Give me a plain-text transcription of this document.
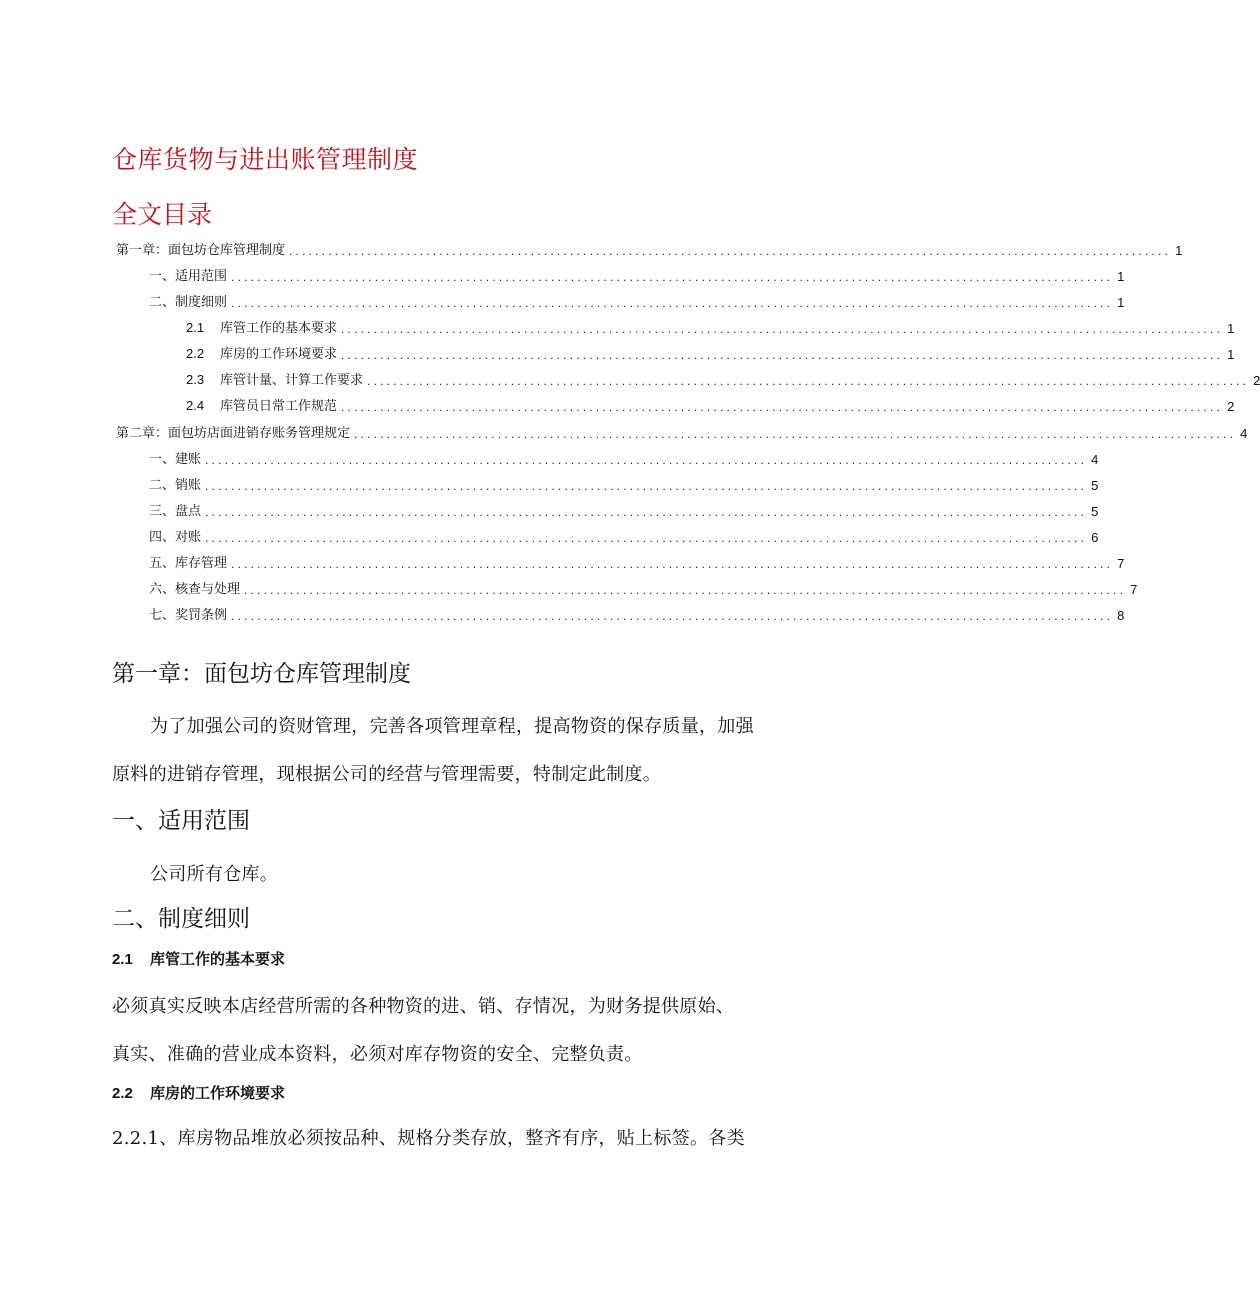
仓库货物与进出账管理制度
全文目录
第一章：面包坊仓库管理制度 ....................................................................................................................................... 1
一、适用范围 ....................................................................................................................................... 1
二、制度细则 ....................................................................................................................................... 1
2.1 库管工作的基本要求 ....................................................................................................................................... 1
2.2 库房的工作环境要求 ....................................................................................................................................... 1
2.3 库管计量、计算工作要求 ....................................................................................................................................... 2
2.4 库管员日常工作规范 ....................................................................................................................................... 2
第二章：面包坊店面进销存账务管理规定 ....................................................................................................................................... 4
一、建账 ....................................................................................................................................... 4
二、销账 ....................................................................................................................................... 5
三、盘点 ....................................................................................................................................... 5
四、对账 ....................................................................................................................................... 6
五、库存管理 ....................................................................................................................................... 7
六、核查与处理 ....................................................................................................................................... 7
七、奖罚条例 ....................................................................................................................................... 8
第一章：面包坊仓库管理制度
为了加强公司的资财管理，完善各项管理章程，提高物资的保存质量，加强
原料的进销存管理，现根据公司的经营与管理需要，特制定此制度。
一、适用范围
公司所有仓库。
二、制度细则
2.1 库管工作的基本要求
必须真实反映本店经营所需的各种物资的进、销、存情况，为财务提供原始、
真实、准确的营业成本资料，必须对库存物资的安全、完整负责。
2.2 库房的工作环境要求
2.2.1、库房物品堆放必须按品种、规格分类存放，整齐有序，贴上标签。各类
